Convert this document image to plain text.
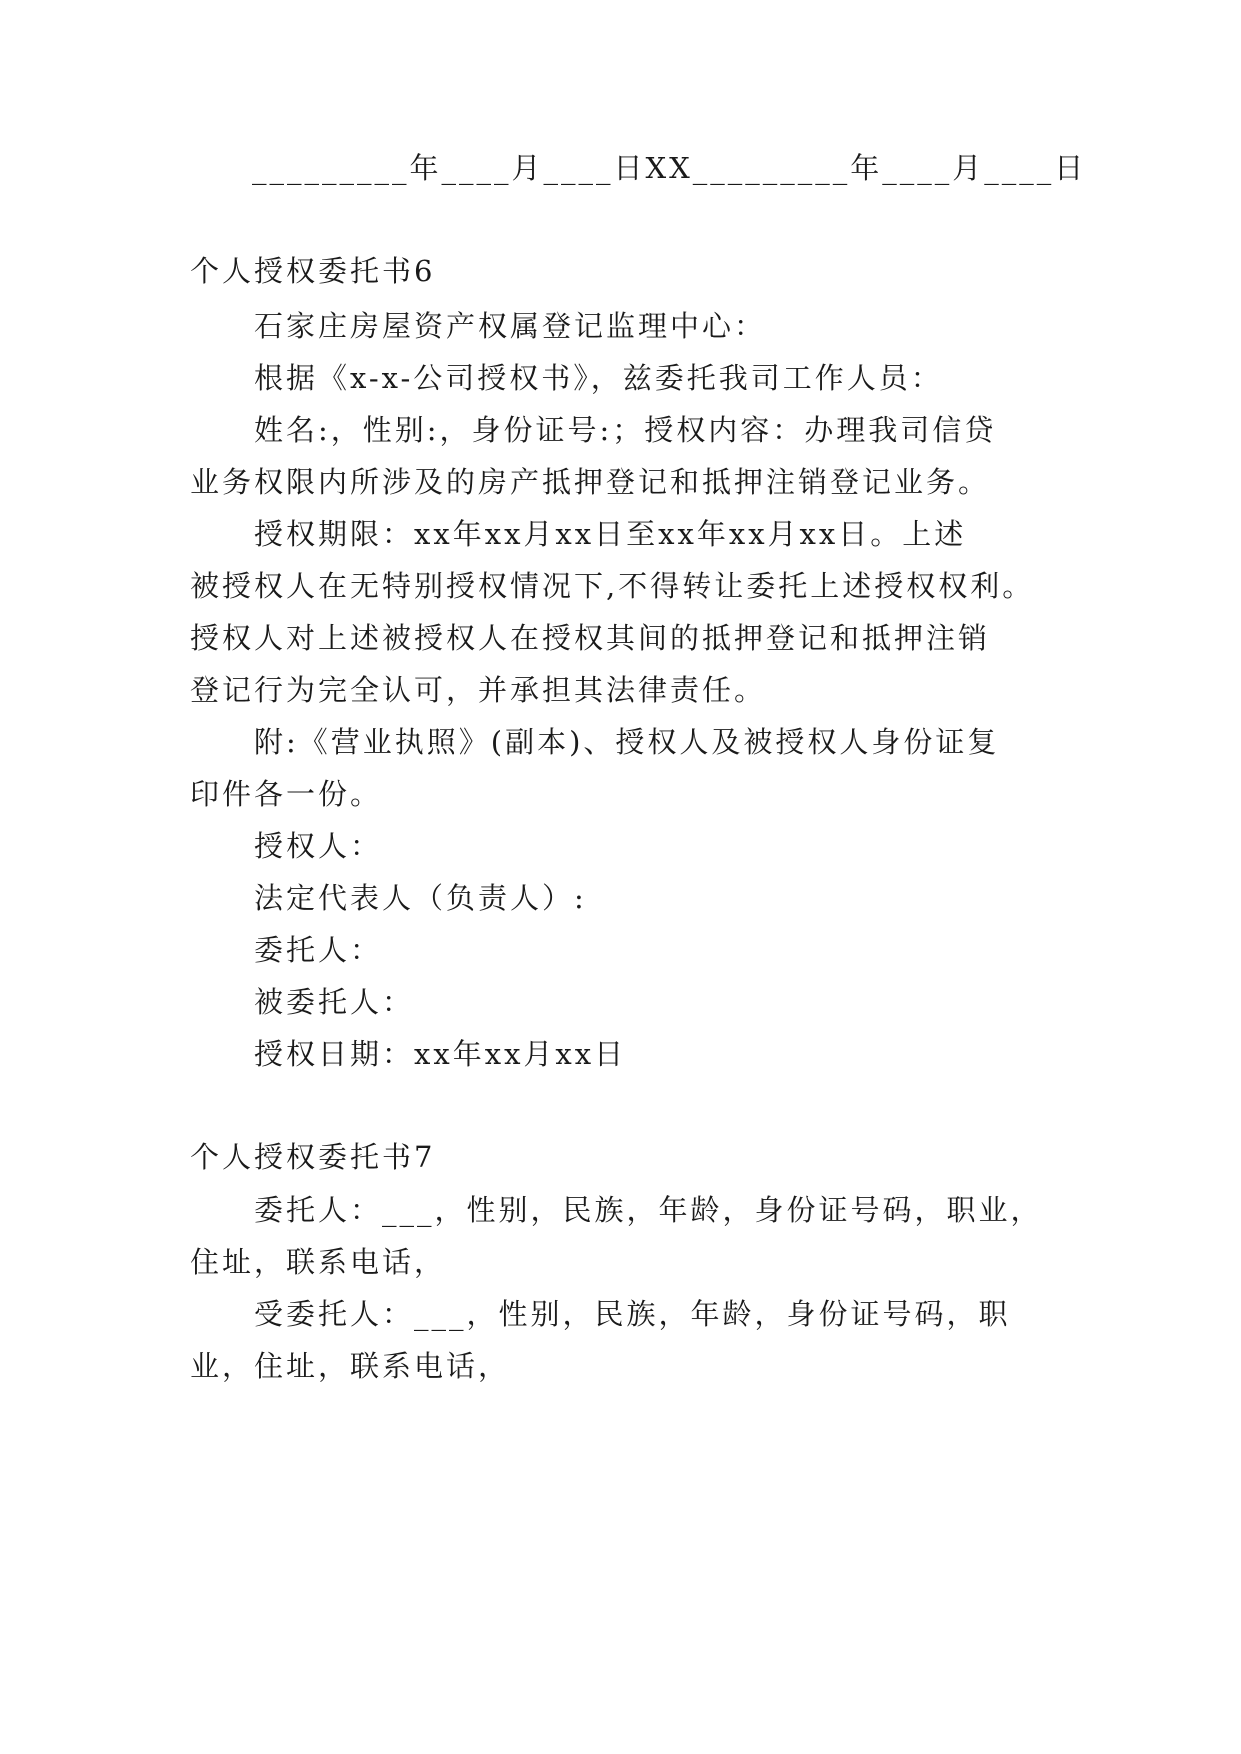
_________年____月____日XX_________年____月____日
个人授权委托书6
石家庄房屋资产权属登记监理中心：
根据《x-x-公司授权书》，兹委托我司工作人员：
姓名:，性别:，身份证号:；授权内容：办理我司信贷
业务权限内所涉及的房产抵押登记和抵押注销登记业务。
授权期限：xx年xx月xx日至xx年xx月xx日。上述
被授权人在无特别授权情况下,不得转让委托上述授权权利。
授权人对上述被授权人在授权其间的抵押登记和抵押注销
登记行为完全认可，并承担其法律责任。
附:《营业执照》(副本)、授权人及被授权人身份证复
印件各一份。
授权人：
法定代表人（负责人）:
委托人：
被委托人：
授权日期：xx年xx月xx日
个人授权委托书7
委托人：___，性别，民族，年龄，身份证号码，职业，
住址，联系电话，
受委托人：___，性别，民族，年龄，身份证号码，职
业，住址，联系电话，
